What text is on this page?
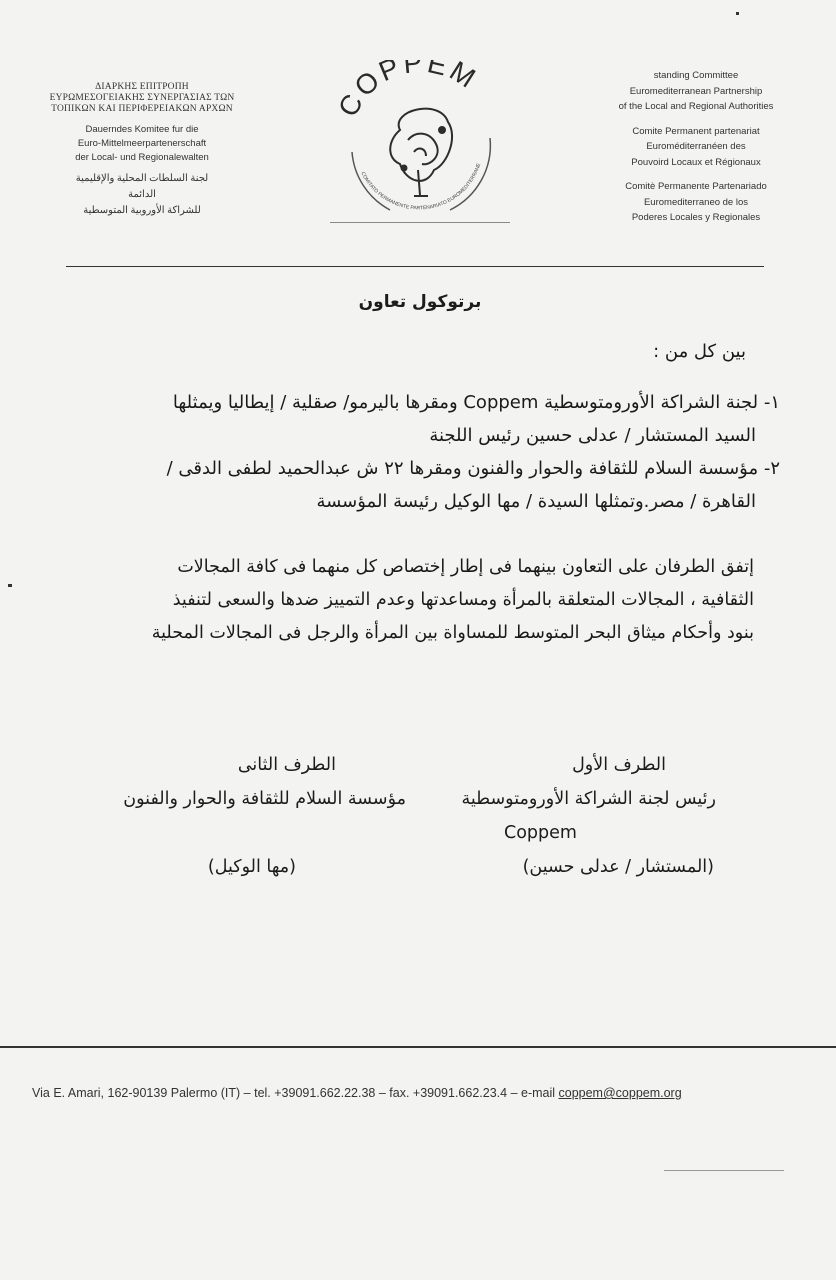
ΔΙΑΡΚΗΣ ΕΠΙΤΡΟΠΗ
ΕΥΡΩΜΕΣΟΓΕΙΑΚΗΣ ΣΥΝΕΡΓΑΣΙΑΣ ΤΩΝ
ΤΟΠΙΚΩΝ ΚΑΙ ΠΕΡΙΦΕΡΕΙΑΚΩΝ ΑΡΧΩΝ
Dauerndes Komitee fur die
Euro-Mittelmeerpartenerschaft
der Local- und Regionalewalten
لجنة السلطات المحلية والإقليمية
الدائمة
للشراكة الأوروبية المتوسطية
COPPEM
COMITATO PERMANENTE PARTENARIATO EUROMEDITERRANE
standing Committee
Euromediterranean Partnership
of the Local and Regional Authorities
Comite Permanent partenariat
Euroméditerranéen des
Pouvoird Locaux et Régionaux
Comitè Permanente Partenariado
Euromediterraneo de los
Poderes Locales y Regionales
برتوكول تعاون
بين كل من :
١- لجنة الشراكة الأورومتوسطية Coppem ومقرها باليرمو/ صقلية / إيطاليا ويمثلها
السيد المستشار / عدلى حسين رئيس اللجنة
٢- مؤسسة السلام للثقافة والحوار والفنون ومقرها ٢٢ ش عبدالحميد لطفى الدقى /
القاهرة / مصر.وتمثلها السيدة / مها الوكيل رئيسة المؤسسة
إتفق الطرفان على التعاون بينهما فى إطار إختصاص كل منهما فى كافة المجالات
الثقافية ، المجالات المتعلقة بالمرأة ومساعدتها وعدم التمييز ضدها والسعى لتنفيذ
بنود وأحكام ميثاق البحر المتوسط للمساواة بين المرأة والرجل فى المجالات المحلية
الطرف الأول
رئيس لجنة الشراكة الأورومتوسطية
Coppem
(المستشار / عدلى حسين)
الطرف الثانى
مؤسسة السلام للثقافة والحوار والفنون
(مها الوكيل)
Via E. Amari, 162-90139 Palermo (IT) – tel. +39091.662.22.38 – fax. +39091.662.23.4 – e-mail coppem@coppem.org
